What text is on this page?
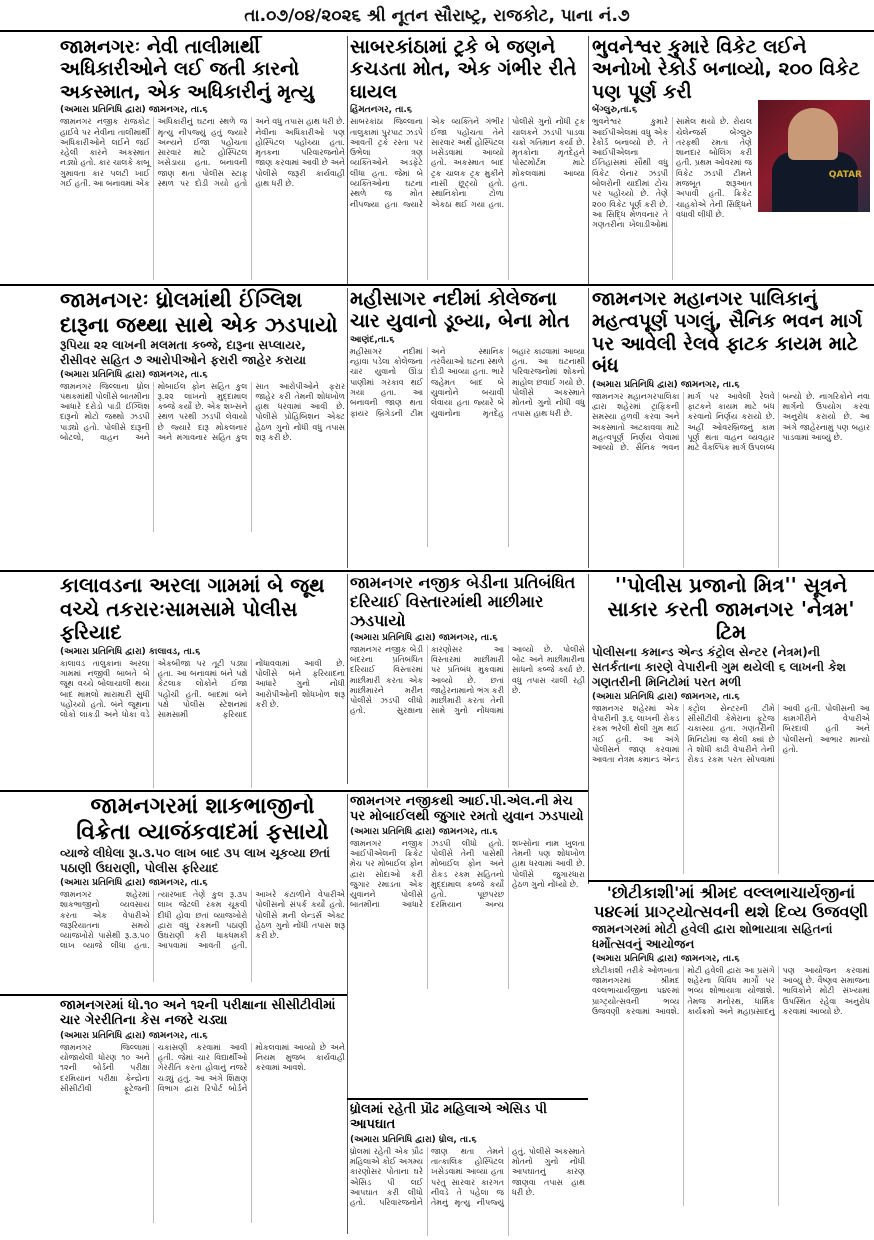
તા.૦૭/૦૪/૨૦૨૬ શ્રી નૂતન સૌરાષ્ટ્ર, રાજકોટ, પાના નં.૭
જામનગરઃ નેવી તાલીમાર્થી અધિકારીઓને લઈ જતી કારનો અકસ્માત, એક અધિકારીનું મૃત્યુ
(અમારા પ્રતિનિધિ દ્વારા) જામનગર, તા.૬
જામનગર નજીક રાજકોટ હાઈવે પર નેવીના તાલીમાર્થી અધિકારીઓને લઈને જઈ રહેલી કારને અકસ્માત નડ્યો હતો. કાર ચાલકે કાબૂ ગુમાવતા કાર પલટી ખાઈ ગઈ હતી. આ બનાવમાં એક અધિકારીનું ઘટના સ્થળે જ મૃત્યુ નીપજ્યું હતું જ્યારે અન્યને ઈજા પહોંચતા સારવાર માટે હોસ્પિટલ ખસેડાયા હતા. બનાવની જાણ થતા પોલીસ સ્ટાફ સ્થળ પર દોડી ગયો હતો અને વધુ તપાસ હાથ ધરી છે. નેવીના અધિકારીઓ પણ હોસ્પિટલ પહોંચ્યા હતા. મૃતકના પરિવારજનોને જાણ કરવામાં આવી છે અને પોલીસે જરૂરી કાર્યવાહી હાથ ધરી છે.
સાબરકાંઠામાં ટ્રકે બે જણને કચડતા મોત, એક ગંભીર રીતે ઘાયલ
હિંમતનગર, તા.૬
સાબરકાંઠા જિલ્લાના તાલુકામાં પુરપાટ ઝડપે આવતી ટ્રકે રસ્તા પર ઉભેલા ત્રણ વ્યક્તિઓને અડફેટે લીધા હતા. જેમાં બે વ્યક્તિઓના ઘટના સ્થળે જ મોત નીપજ્યા હતા જ્યારે એક વ્યક્તિને ગંભીર ઈજા પહોંચતા તેને સારવાર અર્થે હોસ્પિટલ ખસેડવામાં આવ્યો હતો. અકસ્માત બાદ ટ્રક ચાલક ટ્રક મુકીને નાસી છૂટ્યો હતો. સ્થાનિકોના ટોળા એકઠા થઈ ગયા હતા. પોલીસે ગુનો નોંધી ટ્રક ચાલકને ઝડપી પાડવા ચક્રો ગતિમાન કર્યા છે. મૃતકોના મૃતદેહને પોસ્ટમોર્ટમ માટે મોકલવામાં આવ્યા હતા.
ભુવનેશ્વર કુમારે વિકેટ લઈને અનોખો રેકોર્ડ બનાવ્યો, ૨૦૦ વિકેટ પણ પૂર્ણ કરી
બેંગ્લુરુ,તા.૬
ભુવનેશ્વર કુમારે આઈપીએલમાં વધુ એક રેકોર્ડ બનાવ્યો છે. તે આઈપીએલના ઈતિહાસમાં સૌથી વધુ વિકેટ લેનાર ઝડપી બોલરોની યાદીમાં ટોચ પર પહોંચ્યો છે. તેણે ૨૦૦ વિકેટ પૂર્ણ કરી છે. આ સિદ્ધિ મેળવનાર તે ગણતરીના ખેલાડીઓમાં સામેલ થયો છે. રોયલ ચેલેન્જર્સ બેંગ્લુરુ તરફથી રમતા તેણે શાનદાર બોલિંગ કરી હતી. પ્રથમ ઓવરમાં જ વિકેટ ઝડપી ટીમને મજબૂત શરૂઆત અપાવી હતી. ક્રિકેટ ચાહકોએ તેની સિદ્ધિને વધાવી લીધી છે.
QATAR
જામનગરઃ ધ્રોલમાંથી ઈંગ્લિશ દારૂના જથ્થા સાથે એક ઝડપાયો
રૂપિયા ૨૨ લાખની મલમતા કબ્જે, દારૂના સપ્લાયર, રીસીવર સહિત ૭ આરોપીઓને ફરારી જાહેર કરાયા
(અમારા પ્રતિનિધિ દ્વારા) જામનગર, તા.૬
જામનગર જિલ્લાના ધ્રોલ પંથકમાંથી પોલીસે બાતમીના આધારે દરોડો પાડી ઈંગ્લિશ દારૂનો મોટો જથ્થો ઝડપી પાડ્યો હતો. પોલીસે દારૂની બોટલો, વાહન અને મોબાઈલ ફોન સહિત કુલ રૂ.૨૨ લાખનો મુદ્દામાલ કબ્જે કર્યો છે. એક શખ્સને સ્થળ પરથી ઝડપી લેવાયો છે જ્યારે દારૂ મોકલનાર અને મંગાવનાર સહિત કુલ સાત આરોપીઓને ફરાર જાહેર કરી તેમની શોધખોળ હાથ ધરવામાં આવી છે. પોલીસે પ્રોહિબિશન એક્ટ હેઠળ ગુનો નોંધી વધુ તપાસ શરૂ કરી છે.
મહીસાગર નદીમાં કોલેજના ચાર યુવાનો ડૂબ્યા, બેના મોત
આણંદ,તા.૬
મહીસાગર નદીમાં ન્હાવા પડેલા કોલેજના ચાર યુવાનો ઊંડા પાણીમાં ગરકાવ થઈ ગયા હતા. આ બનાવની જાણ થતા ફાયર બ્રિગેડની ટીમ અને સ્થાનિક તરવૈયાઓ ઘટના સ્થળે દોડી આવ્યા હતા. ભારે જહેમત બાદ બે યુવાનોને બચાવી લેવાયા હતા જ્યારે બે યુવાનોના મૃતદેહ બહાર કાઢવામાં આવ્યા હતા. આ ઘટનાથી પરિવારજનોમાં શોકનો માહોલ છવાઈ ગયો છે. પોલીસે અકસ્માતે મોતનો ગુનો નોંધી વધુ તપાસ હાથ ધરી છે.
જામનગર મહાનગર પાલિકાનું મહત્વપૂર્ણ પગલું, સૈનિક ભવન માર્ગ પર આવેલી રેલવે ફાટક કાયમ માટે બંધ
(અમારા પ્રતિનિધિ દ્વારા) જામનગર, તા.૬
જામનગર મહાનગરપાલિકા દ્વારા શહેરમાં ટ્રાફિકની સમસ્યા હળવી કરવા અને અકસ્માતો અટકાવવા માટે મહત્વપૂર્ણ નિર્ણય લેવામાં આવ્યો છે. સૈનિક ભવન માર્ગ પર આવેલી રેલવે ફાટકને કાયમ માટે બંધ કરવાનો નિર્ણય કરાયો છે. અહીં ઓવરબ્રિજનું કામ પૂર્ણ થતા વાહન વ્યવહાર માટે વૈકલ્પિક માર્ગ ઉપલબ્ધ બન્યો છે. નાગરિકોને નવા માર્ગનો ઉપયોગ કરવા અનુરોધ કરાયો છે. આ અંગે જાહેરનામું પણ બહાર પાડવામાં આવ્યું છે.
કાલાવડના અરલા ગામમાં બે જૂથ વચ્ચે તકરારઃસામસામે પોલીસ ફરિયાદ
(અમારા પ્રતિનિધિ દ્વારા) કાલાવડ, તા.૬
કાલાવડ તાલુકાના અરલા ગામમાં નજીવી બાબતે બે જૂથ વચ્ચે બોલાચાલી થયા બાદ મામલો મારામારી સુધી પહોંચ્યો હતો. બંને જૂથના લોકો લાકડી અને ધોકા વડે એકબીજા પર તૂટી પડ્યા હતા. આ બનાવમાં બંને પક્ષે કેટલાક લોકોને ઈજા પહોંચી હતી. બાદમાં બંને પક્ષે પોલીસ સ્ટેશનમાં સામસામી ફરિયાદ નોંધાવવામાં આવી છે. પોલીસે બંને ફરિયાદના આધારે ગુનો નોંધી આરોપીઓની શોધખોળ શરૂ કરી છે.
જામનગર નજીક બેડીના પ્રતિબંધિત દરિયાઈ વિસ્તારમાંથી માછીમાર ઝડપાયો
(અમારા પ્રતિનિધિ દ્વારા) જામનગર, તા.૬
જામનગર નજીક બેડી બંદરના પ્રતિબંધિત દરિયાઈ વિસ્તારમાં માછીમારી કરતા એક માછીમારને મરીન પોલીસે ઝડપી લીધો હતો. સુરક્ષાના કારણોસર આ વિસ્તારમાં માછીમારી પર પ્રતિબંધ મુકવામાં આવ્યો છે. છતાં જાહેરનામાનો ભંગ કરી માછીમારી કરતા તેની સામે ગુનો નોંધવામાં આવ્યો છે. પોલીસે બોટ અને માછીમારીના સાધનો કબ્જે કર્યા છે. વધુ તપાસ ચાલી રહી છે.
''પોલીસ પ્રજાનો મિત્ર'' સૂત્રને સાકાર કરતી જામનગર 'નેત્રમ' ટિમ
પોલીસના કમાન્ડ એન્ડ કંટ્રોલ સેન્ટર (નેત્રમ)ની સતર્કતાના કારણે વેપારીની ગુમ થયેલી ૬ લાખની કેશ ગણતરીની મિનિટોમાં પરત મળી
(અમારા પ્રતિનિધિ દ્વારા) જામનગર, તા.૬
જામનગર શહેરમાં એક વેપારીની રૂ.૬ લાખની રોકડ રકમ ભરેલી થેલી ગુમ થઈ ગઈ હતી. આ અંગે પોલીસને જાણ કરવામાં આવતા નેત્રમ કમાન્ડ એન્ડ કંટ્રોલ સેન્ટરની ટીમે સીસીટીવી કેમેરાના ફૂટેજ ચકાસ્યા હતા. ગણતરીની મિનિટોમાં જ થેલી ક્યાં છે તે શોધી કાઢી વેપારીને તેની રોકડ રકમ પરત સોંપવામાં આવી હતી. પોલીસની આ કામગીરીને વેપારીએ બિરદાવી હતી અને પોલીસનો આભાર માન્યો હતો.
જામનગરમાં શાકભાજીનો વિક્રેતા વ્યાજંકવાદમાં ફસાયો
વ્યાજે લીધેલા રૂા.૩.૫૦ લાખ બાદ ૩૫ લાખ ચૂકવ્યા છતાં પઠાણી ઉઘરાણી, પોલીસ ફરિયાદ
(અમારા પ્રતિનિધિ દ્વારા) જામનગર, તા.૬
જામનગર શહેરમાં શાકભાજીનો વ્યવસાય કરતા એક વેપારીએ જરૂરિયાતના સમયે વ્યાજખોરો પાસેથી રૂ.૩.૫૦ લાખ વ્યાજે લીધા હતા. ત્યારબાદ તેણે કુલ રૂ.૩૫ લાખ જેટલી રકમ ચૂકવી દીધી હોવા છતાં વ્યાજખોરો દ્વારા વધુ રકમની પઠાણી ઉઘરાણી કરી ધાકધમકી આપવામાં આવતી હતી. આખરે કંટાળીને વેપારીએ પોલીસનો સંપર્ક કર્યો હતો. પોલીસે મની લેન્ડર્સ એક્ટ હેઠળ ગુનો નોંધી તપાસ શરૂ કરી છે.
જામનગર નજીકથી આઈ.પી.એલ.ની મેચ પર મોબાઈલથી જુગાર રમતો યુવાન ઝડપાયો
(અમારા પ્રતિનિધિ દ્વારા) જામનગર, તા.૬
જામનગર નજીક આઈપીએલની ક્રિકેટ મેચ પર મોબાઈલ ફોન દ્વારા સોદાઓ કરી જુગાર રમાડતા એક યુવાનને પોલીસે બાતમીના આધારે ઝડપી લીધો હતો. પોલીસે તેની પાસેથી મોબાઈલ ફોન અને રોકડ રકમ સહિતનો મુદ્દામાલ કબ્જે કર્યો હતો. પૂછપરછ દરમિયાન અન્ય શખ્સોના નામ ખુલતા તેમની પણ શોધખોળ હાથ ધરવામાં આવી છે. પોલીસે જુગારધારા હેઠળ ગુનો નોંધ્યો છે.
જામનગરમાં ધો.૧૦ અને ૧૨ની પરીક્ષાના સીસીટીવીમાં ચાર ગેરરીતિના કેસ નજરે ચડ્યા
(અમારા પ્રતિનિધિ દ્વારા) જામનગર, તા.૬
જામનગર જિલ્લામાં યોજાયેલી ધોરણ ૧૦ અને ૧૨ની બોર્ડની પરીક્ષા દરમિયાન પરીક્ષા કેન્દ્રોના સીસીટીવી ફૂટેજની ચકાસણી કરવામાં આવી હતી. જેમાં ચાર વિદ્યાર્થીઓ ગેરરીતિ કરતા હોવાનું નજરે ચડ્યું હતું. આ અંગે શિક્ષણ વિભાગ દ્વારા રિપોર્ટ બોર્ડને મોકલવામાં આવ્યો છે અને નિયમ મુજબ કાર્યવાહી કરવામાં આવશે.
ધ્રોલમાં રહેતી પ્રૌઢ મહિલાએ એસિડ પી આપઘાત
(અમારા પ્રતિનિધિ દ્વારા) ધ્રોલ, તા.૬
ધ્રોલમાં રહેતી એક પ્રૌઢ મહિલાએ કોઈ અગમ્ય કારણોસર પોતાના ઘરે એસિડ પી લઈ આપઘાત કરી લીધો હતો. પરિવારજનોને જાણ થતા તેમને તાત્કાલિક હોસ્પિટલ ખસેડવામાં આવ્યા હતા પરંતુ સારવાર કારગત નીવડે તે પહેલા જ તેમનું મૃત્યુ નીપજ્યું હતું. પોલીસે અકસ્માતે મોતનો ગુનો નોંધી આપઘાતનું કારણ જાણવા તપાસ હાથ ધરી છે.
'છોટીકાશી'માં શ્રીમદ વલ્લભાચાર્યજીનાં ૫૪૯માં પ્રાગ્ટ્યોત્સવની થશે દિવ્ય ઉજવણી
જામનગરમાં મોટી હવેલી દ્વારા શોભાયાત્રા સહિતનાં ધર્મોત્સવનું આયોજન
(અમારા પ્રતિનિધિ દ્વારા) જામનગર, તા.૬
છોટીકાશી તરીકે ઓળખાતા જામનગરમાં શ્રીમદ વલ્લભાચાર્યજીના ૫૪૯માં પ્રાગ્ટ્યોત્સવની ભવ્ય ઉજવણી કરવામાં આવશે. મોટી હવેલી દ્વારા આ પ્રસંગે શહેરના વિવિધ માર્ગો પર ભવ્ય શોભાયાત્રા યોજાશે. તેમજ મનોરથ, ધાર્મિક કાર્યક્રમો અને મહાપ્રસાદનું પણ આયોજન કરવામાં આવ્યું છે. વૈષ્ણવ સમાજના ભાવિકોને મોટી સંખ્યામાં ઉપસ્થિત રહેવા અનુરોધ કરવામાં આવ્યો છે.
